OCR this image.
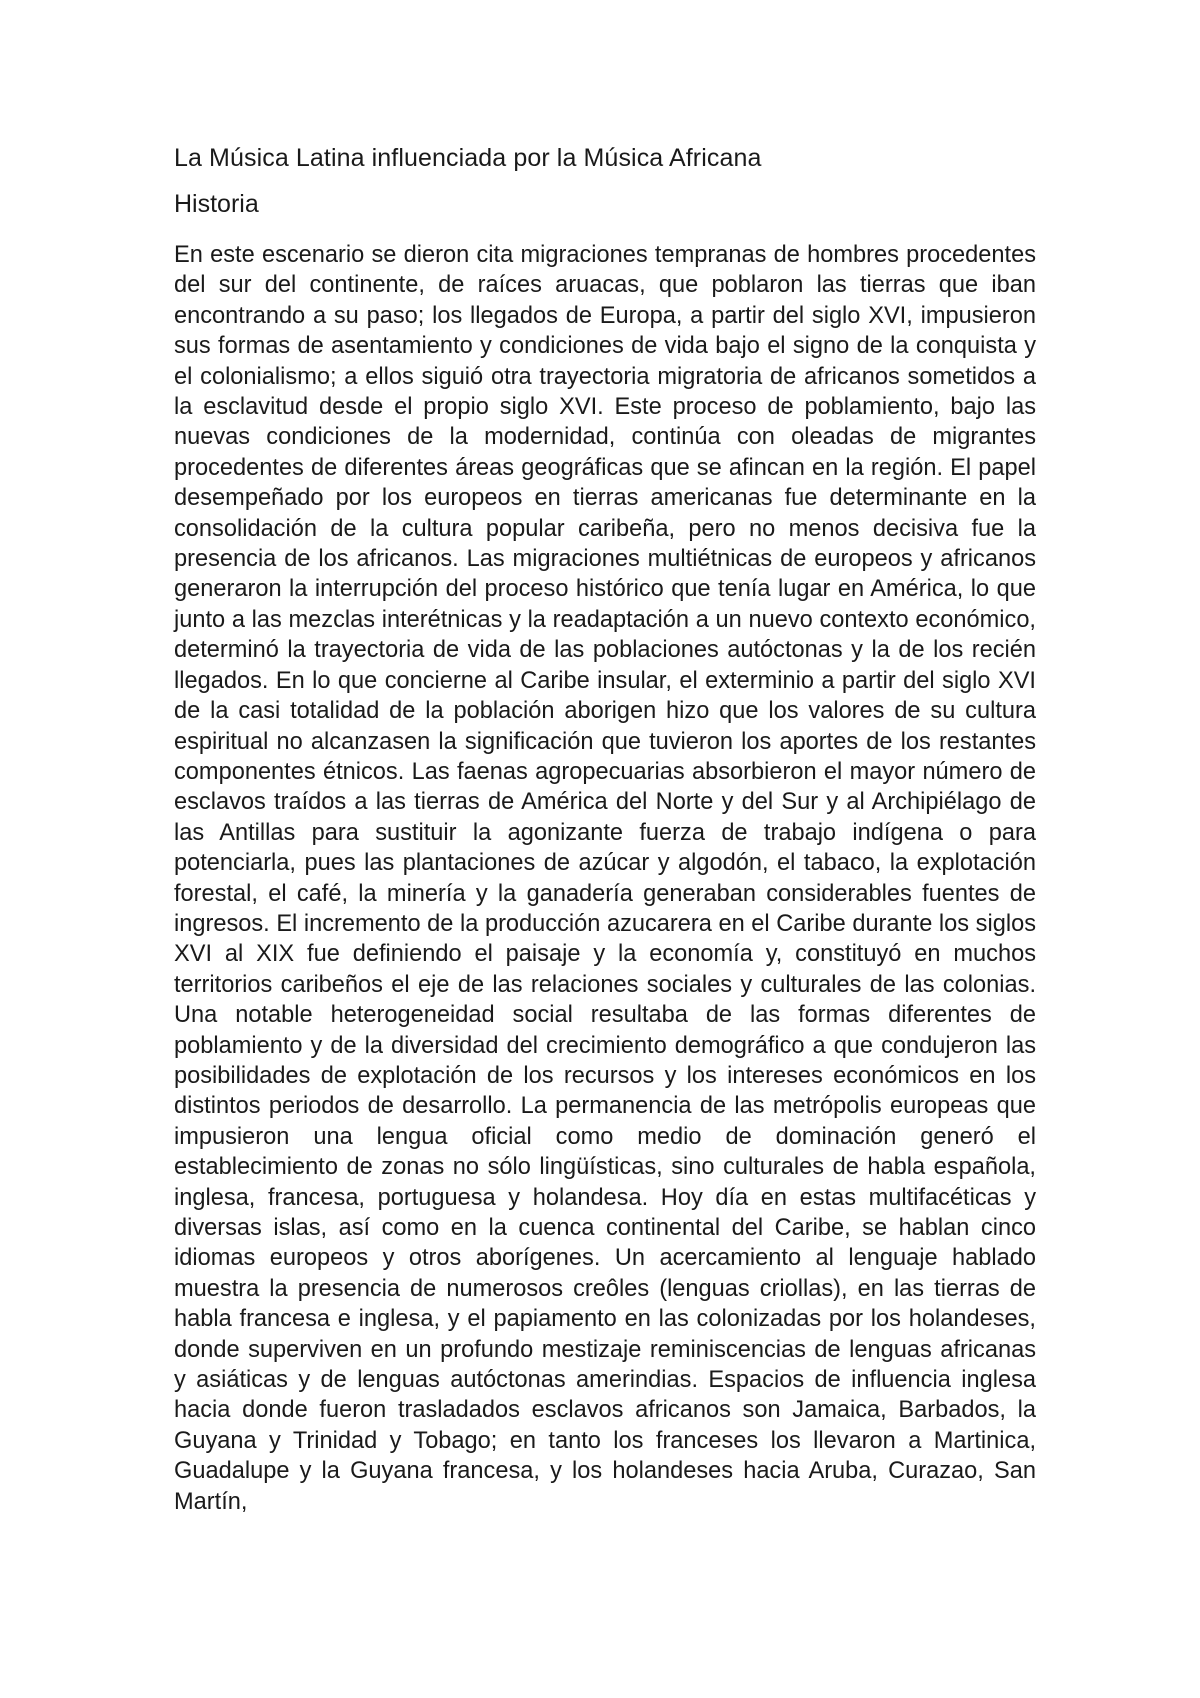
La Música Latina influenciada por la Música Africana
Historia

En este escenario se dieron cita migraciones tempranas de hombres procedentes del sur del continente, de raíces aruacas, que poblaron las tierras que iban encontrando a su paso; los llegados de Europa, a partir del siglo XVI, impusieron sus formas de asentamiento y condiciones de vida bajo el signo de la conquista y el colonialismo; a ellos siguió otra trayectoria migratoria de africanos sometidos a la esclavitud desde el propio siglo XVI. Este proceso de poblamiento, bajo las nuevas condiciones de la modernidad, continúa con oleadas de migrantes procedentes de diferentes áreas geográficas que se afincan en la región. El papel desempeñado por los europeos en tierras americanas fue determinante en la consolidación de la cultura popular caribeña, pero no menos decisiva fue la presencia de los africanos. Las migraciones multiétnicas de europeos y africanos generaron la interrupción del proceso histórico que tenía lugar en América, lo que junto a las mezclas interétnicas y la readaptación a un nuevo contexto económico, determinó la trayectoria de vida de las poblaciones autóctonas y la de los recién llegados. En lo que concierne al Caribe insular, el exterminio a partir del siglo XVI de la casi totalidad de la población aborigen hizo que los valores de su cultura espiritual no alcanzasen la significación que tuvieron los aportes de los restantes componentes étnicos. Las faenas agropecuarias absorbieron el mayor número de esclavos traídos a las tierras de América del Norte y del Sur y al Archipiélago de las Antillas para sustituir la agonizante fuerza de trabajo indígena o para potenciarla, pues las plantaciones de azúcar y algodón, el tabaco, la explotación forestal, el café, la minería y la ganadería generaban considerables fuentes de ingresos. El incremento de la producción azucarera en el Caribe durante los siglos XVI al XIX fue definiendo el paisaje y la economía y, constituyó en muchos territorios caribeños el eje de las relaciones sociales y culturales de las colonias. Una notable heterogeneidad social resultaba de las formas diferentes de poblamiento y de la diversidad del crecimiento demográfico a que condujeron las posibilidades de explotación de los recursos y los intereses económicos en los distintos periodos de desarrollo. La permanencia de las metrópolis europeas que impusieron una lengua oficial como medio de dominación generó el establecimiento de zonas no sólo lingüísticas, sino culturales de habla española, inglesa, francesa, portuguesa y holandesa. Hoy día en estas multifacéticas y diversas islas, así como en la cuenca continental del Caribe, se hablan cinco idiomas europeos y otros aborígenes. Un acercamiento al lenguaje hablado muestra la presencia de numerosos creôles (lenguas criollas), en las tierras de habla francesa e inglesa, y el papiamento en las colonizadas por los holandeses, donde superviven en un profundo mestizaje reminiscencias de lenguas africanas y asiáticas y de lenguas autóctonas amerindias. Espacios de influencia inglesa hacia donde fueron trasladados esclavos africanos son Jamaica, Barbados, la Guyana y Trinidad y Tobago; en tanto los franceses los llevaron a Martinica, Guadalupe y la Guyana francesa, y los holandeses hacia Aruba, Curazao, San Martín,
